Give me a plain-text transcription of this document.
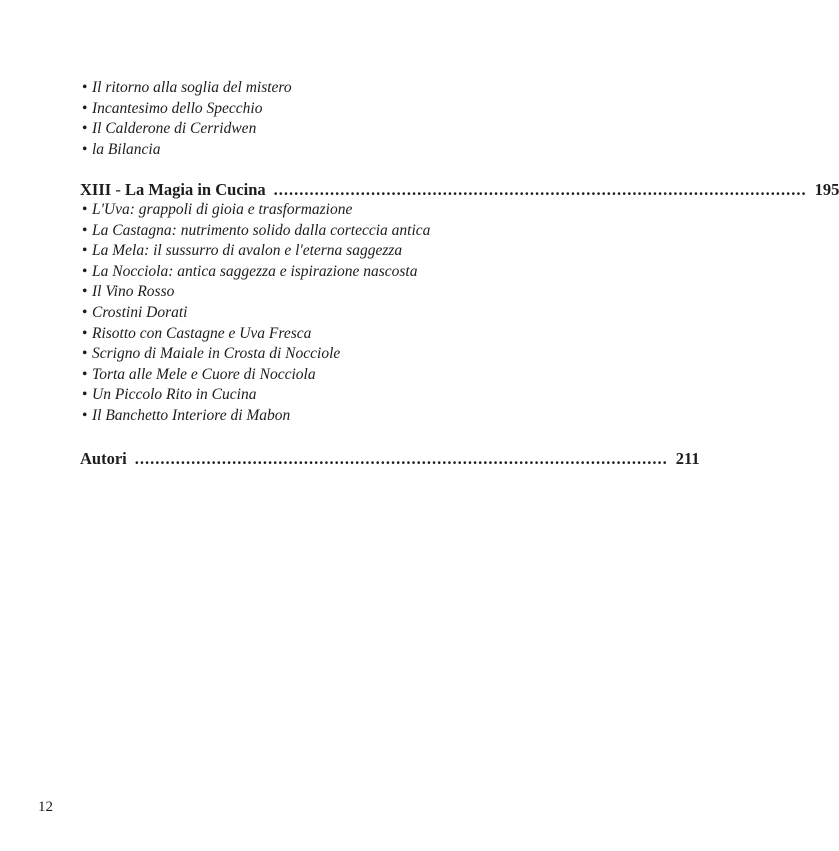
• Il ritorno alla soglia del mistero
• Incantesimo dello Specchio
• Il Calderone di Cerridwen
• la Bilancia
XIII - La Magia in Cucina ........................................................................................................ 195
• L'Uva: grappoli di gioia e trasformazione
• La Castagna: nutrimento solido dalla corteccia antica
• La Mela: il sussurro di avalon e l'eterna saggezza
• La Nocciola: antica saggezza e ispirazione nascosta
• Il Vino Rosso
• Crostini Dorati
• Risotto con Castagne e Uva Fresca
• Scrigno di Maiale in Crosta di Nocciole
• Torta alle Mele e Cuore di Nocciola
• Un Piccolo Rito in Cucina
• Il Banchetto Interiore di Mabon
Autori ........................................................................................................ 211
12
